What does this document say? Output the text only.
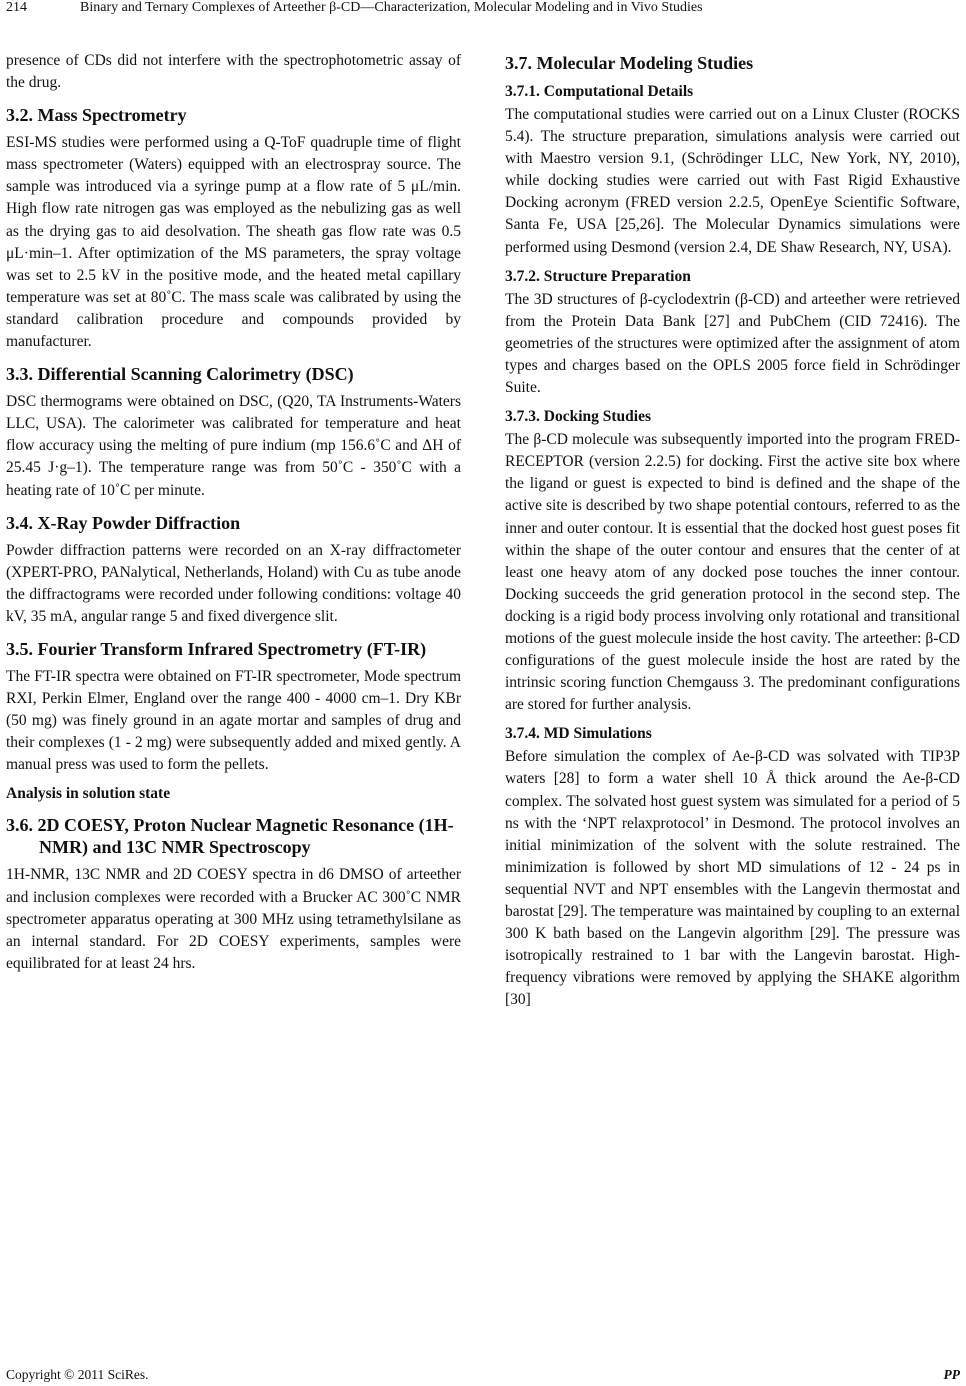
214	Binary and Ternary Complexes of Arteether β-CD—Characterization, Molecular Modeling and in Vivo Studies

presence of CDs did not interfere with the spectrophotometric assay of the drug.

3.2. Mass Spectrometry

ESI-MS studies were performed using a Q-ToF quadruple time of flight mass spectrometer (Waters) equipped with an electrospray source. The sample was introduced via a syringe pump at a flow rate of 5 μL/min. High flow rate nitrogen gas was employed as the nebulizing gas as well as the drying gas to aid desolvation. The sheath gas flow rate was 0.5 μL·min–1. After optimization of the MS parameters, the spray voltage was set to 2.5 kV in the positive mode, and the heated metal capillary temperature was set at 80˚C. The mass scale was calibrated by using the standard calibration procedure and compounds provided by manufacturer.

3.3. Differential Scanning Calorimetry (DSC)

DSC thermograms were obtained on DSC, (Q20, TA Instruments-Waters LLC, USA). The calorimeter was calibrated for temperature and heat flow accuracy using the melting of pure indium (mp 156.6˚C and ΔH of 25.45 J·g–1). The temperature range was from 50˚C - 350˚C with a heating rate of 10˚C per minute.

3.4. X-Ray Powder Diffraction

Powder diffraction patterns were recorded on an X-ray diffractometer (XPERT-PRO, PANalytical, Netherlands, Holand) with Cu as tube anode the diffractograms were recorded under following conditions: voltage 40 kV, 35 mA, angular range 5 and fixed divergence slit.

3.5. Fourier Transform Infrared Spectrometry (FT-IR)

The FT-IR spectra were obtained on FT-IR spectrometer, Mode spectrum RXI, Perkin Elmer, England over the range 400 - 4000 cm–1. Dry KBr (50 mg) was finely ground in an agate mortar and samples of drug and their complexes (1 - 2 mg) were subsequently added and mixed gently. A manual press was used to form the pellets.

Analysis in solution state
3.6. 2D COESY, Proton Nuclear Magnetic Resonance (1H-NMR) and 13C NMR Spectroscopy

1H-NMR, 13C NMR and 2D COESY spectra in d6 DMSO of arteether and inclusion complexes were recorded with a Brucker AC 300˚C NMR spectrometer apparatus operating at 300 MHz using tetramethylsilane as an internal standard. For 2D COESY experiments, samples were equilibrated for at least 24 hrs.

3.7. Molecular Modeling Studies
3.7.1. Computational Details

The computational studies were carried out on a Linux Cluster (ROCKS 5.4). The structure preparation, simulations analysis were carried out with Maestro version 9.1, (Schrödinger LLC, New York, NY, 2010), while docking studies were carried out with Fast Rigid Exhaustive Docking acronym (FRED version 2.2.5, OpenEye Scientific Software, Santa Fe, USA [25,26]. The Molecular Dynamics simulations were performed using Desmond (version 2.4, DE Shaw Research, NY, USA).

3.7.2. Structure Preparation

The 3D structures of β-cyclodextrin (β-CD) and arteether were retrieved from the Protein Data Bank [27] and PubChem (CID 72416). The geometries of the structures were optimized after the assignment of atom types and charges based on the OPLS 2005 force field in Schrödinger Suite.

3.7.3. Docking Studies

The β-CD molecule was subsequently imported into the program FRED-RECEPTOR (version 2.2.5) for docking. First the active site box where the ligand or guest is expected to bind is defined and the shape of the active site is described by two shape potential contours, referred to as the inner and outer contour. It is essential that the docked host guest poses fit within the shape of the outer contour and ensures that the center of at least one heavy atom of any docked pose touches the inner contour. Docking succeeds the grid generation protocol in the second step. The docking is a rigid body process involving only rotational and transitional motions of the guest molecule inside the host cavity. The arteether: β-CD configurations of the guest molecule inside the host are rated by the intrinsic scoring function Chemgauss 3. The predominant configurations are stored for further analysis.

3.7.4. MD Simulations

Before simulation the complex of Ae-β-CD was solvated with TIP3P waters [28] to form a water shell 10 Å thick around the Ae-β-CD complex. The solvated host guest system was simulated for a period of 5 ns with the ‘NPT relaxprotocol’ in Desmond. The protocol involves an initial minimization of the solvent with the solute restrained. The minimization is followed by short MD simulations of 12 - 24 ps in sequential NVT and NPT ensembles with the Langevin thermostat and barostat [29]. The temperature was maintained by coupling to an external 300 K bath based on the Langevin algorithm [29]. The pressure was isotropically restrained to 1 bar with the Langevin barostat. High-frequency vibrations were removed by applying the SHAKE algorithm [30]

Copyright © 2011 SciRes.	PP
